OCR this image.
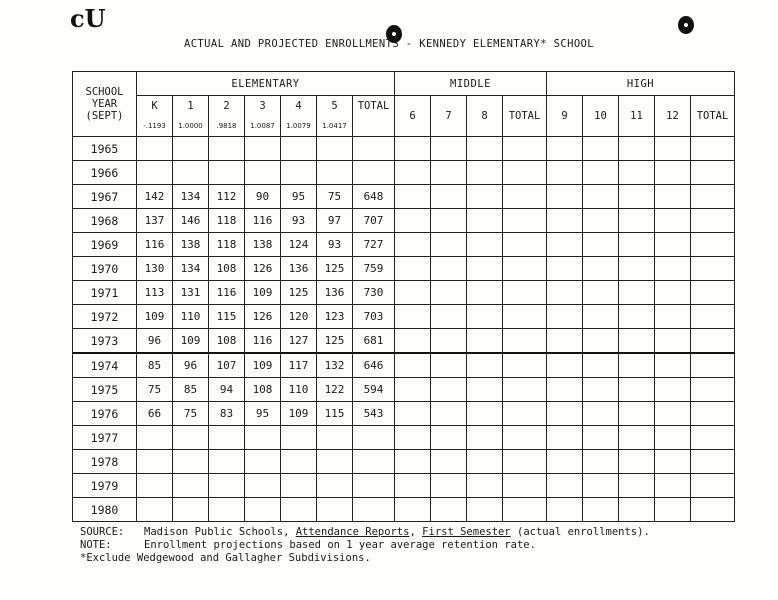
cU
ACTUAL AND PROJECTED ENROLLMENTS - KENNEDY ELEMENTARY* SCHOOL
SCHOOL YEAR (SEPT)	ELEMENTARY							MIDDLE				HIGH				
	K	1	2	3	4	5	TOTAL	6	7	8	TOTAL	9	10	11	12	TOTAL
	-.1193	1.0000	.9818	1.0087	1.0079	1.0417										
1965																
1966																
1967	142	134	112	90	95	75	648									
1968	137	146	118	116	93	97	707									
1969	116	138	118	138	124	93	727									
1970	130	134	108	126	136	125	759									
1971	113	131	116	109	125	136	730									
1972	109	110	115	126	120	123	703									
1973	96	109	108	116	127	125	681									
1974	85	96	107	109	117	132	646									
1975	75	85	94	108	110	122	594									
1976	66	75	83	95	109	115	543									
1977																
1978																
1979																
1980																
SOURCE:	Madison Public Schools, Attendance Reports, First Semester (actual enrollments).
NOTE:	Enrollment projections based on 1 year average retention rate.
*Exclude Wedgewood and Gallagher Subdivisions.
